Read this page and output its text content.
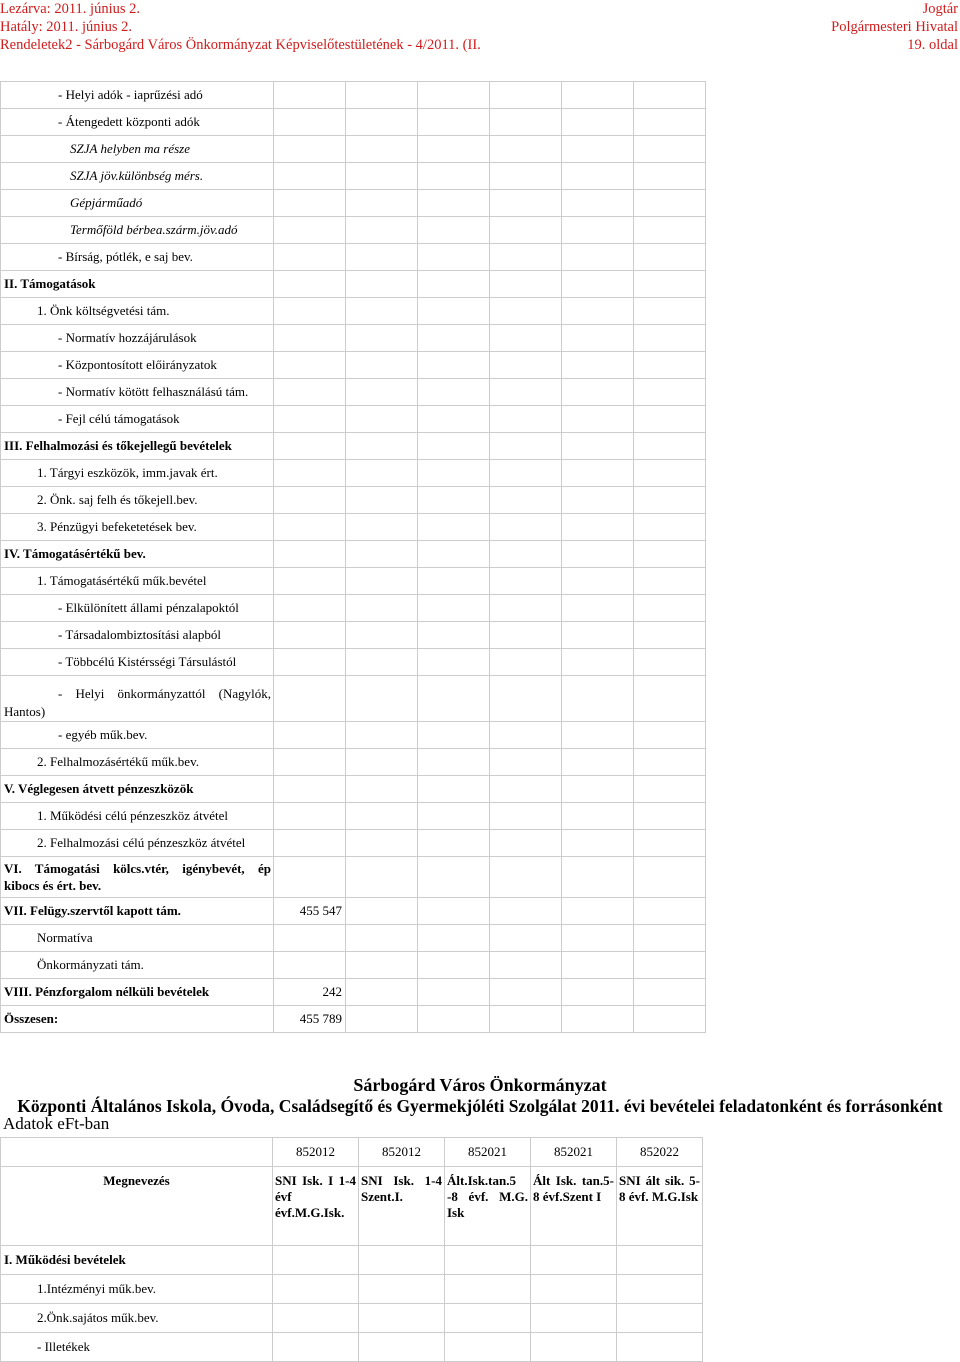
Lezárva: 2011. június 2.
Hatály: 2011. június 2.
Rendeletek2 - Sárbogárd Város Önkormányzat Képviselőtestületének - 4/2011. (II.
Jogtár
Polgármesteri Hivatal
19. oldal
- Helyi adók - iaprűzési adó						
- Átengedett központi adók						
SZJA helyben ma része						
SZJA jöv.különbség mérs.						
Gépjárműadó						
Termőföld bérbea.szárm.jöv.adó						
- Bírság, pótlék, e saj bev.						
II. Támogatások						
1. Önk költségvetési tám.						
- Normatív hozzájárulások						
- Központosított előirányzatok						
- Normatív kötött felhasználású tám.						
- Fejl célú támogatások						
III. Felhalmozási és tőkejellegű bevételek						
1. Tárgyi eszközök, imm.javak ért.						
2. Önk. saj felh és tőkejell.bev.						
3. Pénzügyi befeketetések bev.						
IV. Támogatásértékű bev.						
1. Támogatásértékű műk.bevétel						
- Elkülönített állami pénzalapoktól						
- Társadalombiztosítási alapból						
- Többcélú Kistérsségi Társulástól						

- Helyi önkormányzattól (Nagylók,
Hantos)						

- egyéb műk.bev.						
2. Felhalmozásértékű műk.bev.						
V. Véglegesen átvett pénzeszközök						
1. Működési célú pénzeszköz átvétel						
2. Felhalmozási célú pénzeszköz átvétel						

VI. Támogatási kölcs.vtér, igénybevét, ép
kibocs és ért. bev.						

VII. Felügy.szervtől kapott tám.	455 547					
Normatíva						
Önkormányzati tám.						
VIII. Pénzforgalom nélküli bevételek	242					
Összesen:	455 789					
Sárbogárd Város Önkormányzat
Központi Általános Iskola, Óvoda, Családsegítő és Gyermekjóléti Szolgálat 2011. évi bevételei feladatonként és forrásonként
Adatok eFt-ban
	852012	852012	852021	852021	852022
Megnevezés	SNI Isk. I 1-4 évf évf.M.G.Isk.	SNI Isk. 1-4 Szent.I.	Ált.Isk.tan.5 -8 évf. M.G. Isk	Ált Isk. tan.5-8 évf.Szent I	SNI ált sik. 5-8 évf. M.G.Isk
I. Működési bevételek					
1.Intézményi műk.bev.					
2.Önk.sajátos műk.bev.					
- Illetékek					
